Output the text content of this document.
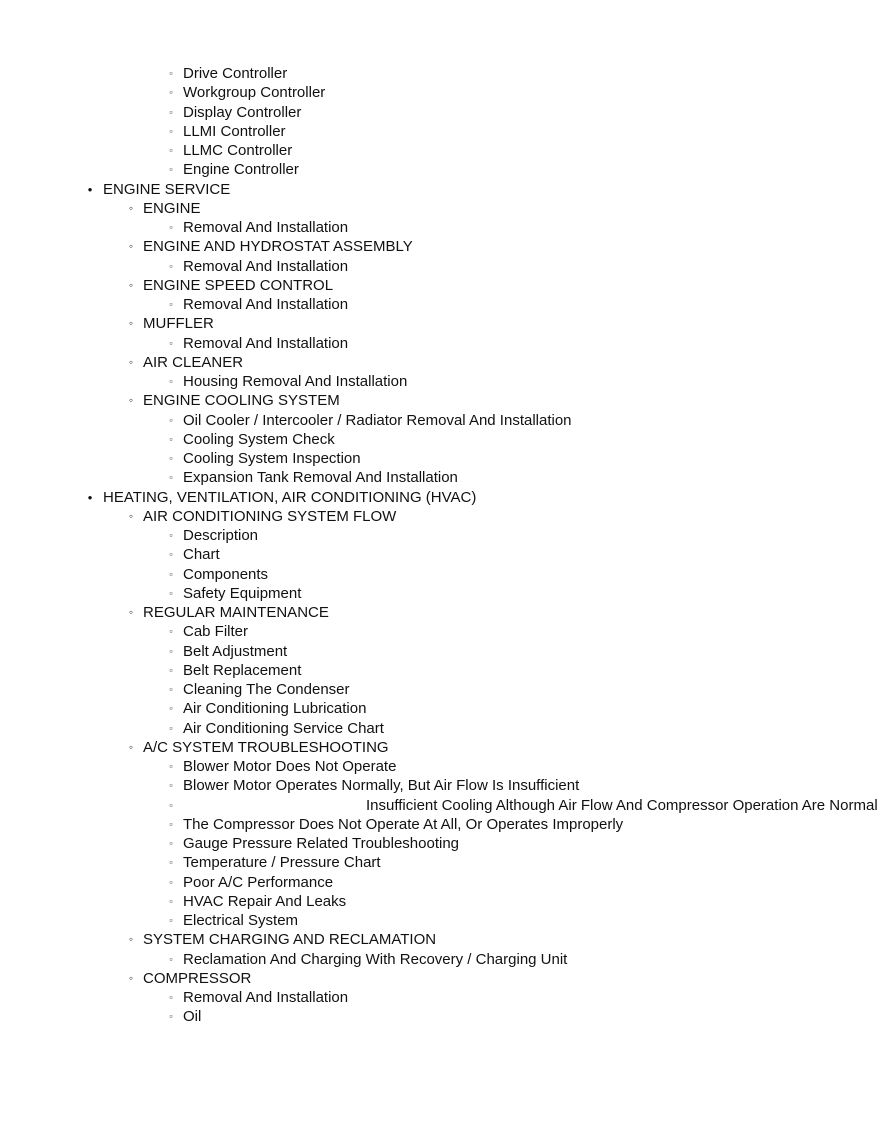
▫ Drive Controller
▫ Workgroup Controller
▫ Display Controller
▫ LLMI Controller
▫ LLMC Controller
▫ Engine Controller
• ENGINE SERVICE
◦ ENGINE
▫ Removal And Installation
◦ ENGINE AND HYDROSTAT ASSEMBLY
▫ Removal And Installation
◦ ENGINE SPEED CONTROL
▫ Removal And Installation
◦ MUFFLER
▫ Removal And Installation
◦ AIR CLEANER
▫ Housing Removal And Installation
◦ ENGINE COOLING SYSTEM
▫ Oil Cooler / Intercooler / Radiator Removal And Installation
▫ Cooling System Check
▫ Cooling System Inspection
▫ Expansion Tank Removal And Installation
• HEATING, VENTILATION, AIR CONDITIONING (HVAC)
◦ AIR CONDITIONING SYSTEM FLOW
▫ Description
▫ Chart
▫ Components
▫ Safety Equipment
◦ REGULAR MAINTENANCE
▫ Cab Filter
▫ Belt Adjustment
▫ Belt Replacement
▫ Cleaning The Condenser
▫ Air Conditioning Lubrication
▫ Air Conditioning Service Chart
◦ A/C SYSTEM TROUBLESHOOTING
▫ Blower Motor Does Not Operate
▫ Blower Motor Operates Normally, But Air Flow Is Insufficient
▫	Insufficient Cooling Although Air Flow And Compressor Operation Are Normal
▫ The Compressor Does Not Operate At All, Or Operates Improperly
▫ Gauge Pressure Related Troubleshooting
▫ Temperature / Pressure Chart
▫ Poor A/C Performance
▫ HVAC Repair And Leaks
▫ Electrical System
◦ SYSTEM CHARGING AND RECLAMATION
▫ Reclamation And Charging With Recovery / Charging Unit
◦ COMPRESSOR
▫ Removal And Installation
▫ Oil
